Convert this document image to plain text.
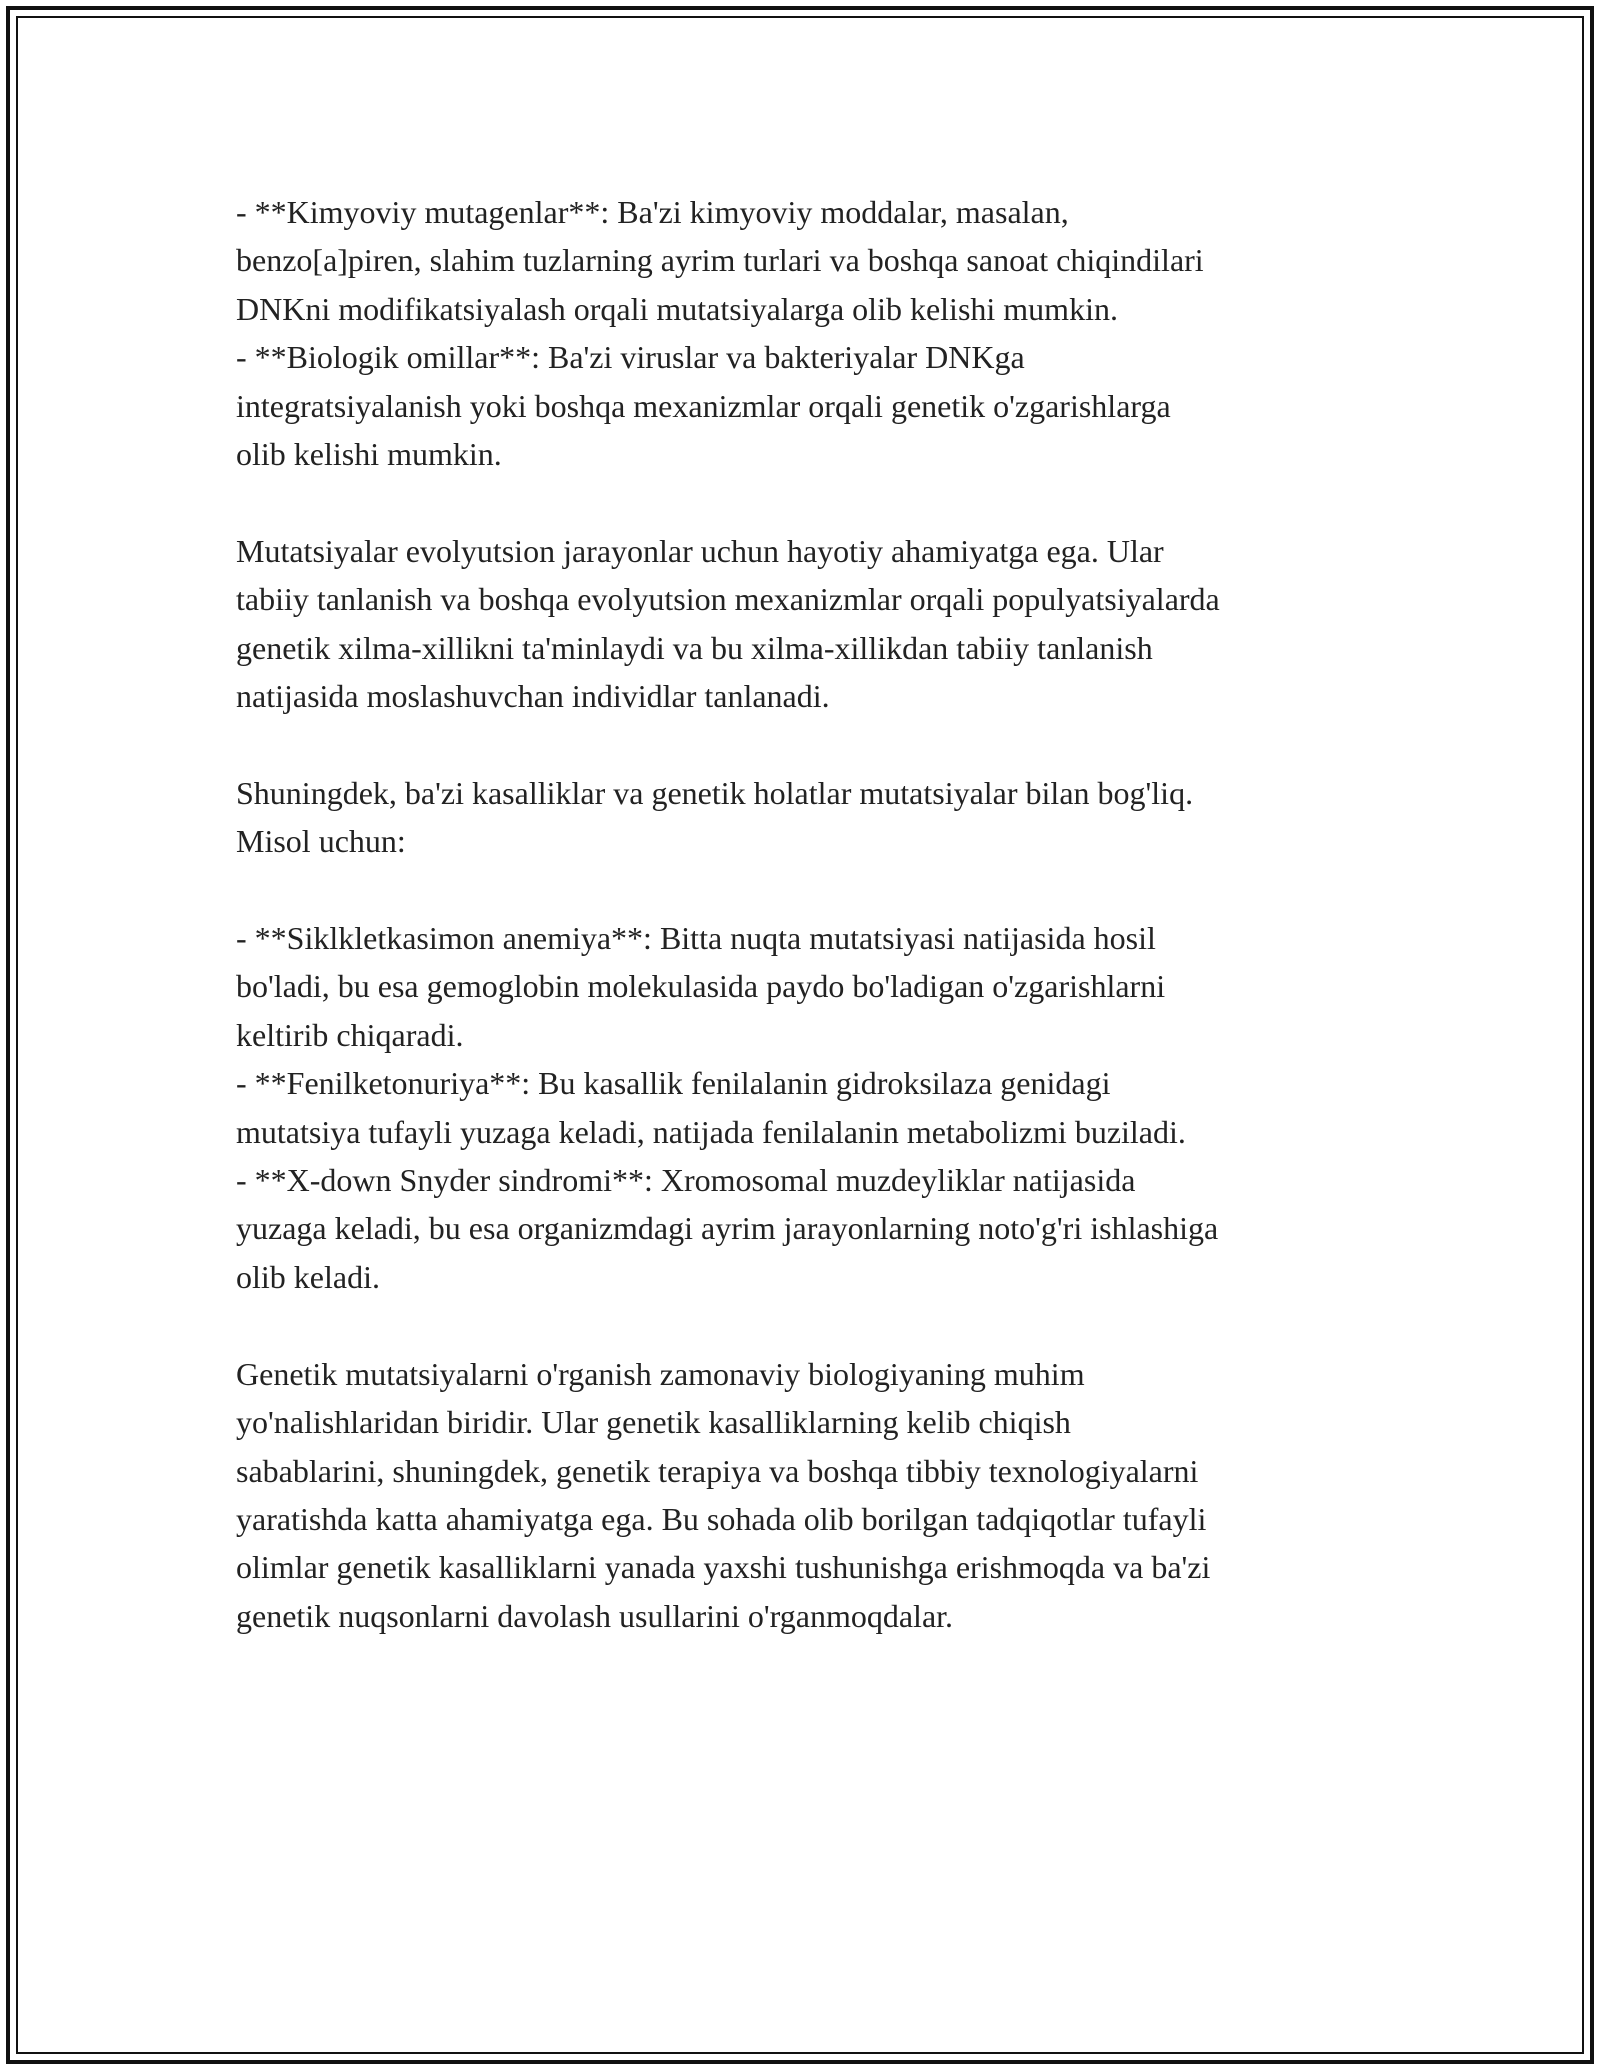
- **Kimyoviy mutagenlar**: Ba'zi kimyoviy moddalar, masalan,
benzo[a]piren, slahim tuzlarning ayrim turlari va boshqa sanoat chiqindilari
DNKni modifikatsiyalash orqali mutatsiyalarga olib kelishi mumkin.
- **Biologik omillar**: Ba'zi viruslar va bakteriyalar DNKga
integratsiyalanish yoki boshqa mexanizmlar orqali genetik o'zgarishlarga
olib kelishi mumkin.

Mutatsiyalar evolyutsion jarayonlar uchun hayotiy ahamiyatga ega. Ular
tabiiy tanlanish va boshqa evolyutsion mexanizmlar orqali populyatsiyalarda
genetik xilma-xillikni ta'minlaydi va bu xilma-xillikdan tabiiy tanlanish
natijasida moslashuvchan individlar tanlanadi.

Shuningdek, ba'zi kasalliklar va genetik holatlar mutatsiyalar bilan bog'liq.
Misol uchun:

- **Siklkletkasimon anemiya**: Bitta nuqta mutatsiyasi natijasida hosil
bo'ladi, bu esa gemoglobin molekulasida paydo bo'ladigan o'zgarishlarni
keltirib chiqaradi.
- **Fenilketonuriya**: Bu kasallik fenilalanin gidroksilaza genidagi
mutatsiya tufayli yuzaga keladi, natijada fenilalanin metabolizmi buziladi.
- **X-down Snyder sindromi**: Xromosomal muzdeyliklar natijasida
yuzaga keladi, bu esa organizmdagi ayrim jarayonlarning noto'g'ri ishlashiga
olib keladi.

Genetik mutatsiyalarni o'rganish zamonaviy biologiyaning muhim
yo'nalishlaridan biridir. Ular genetik kasalliklarning kelib chiqish
sabablarini, shuningdek, genetik terapiya va boshqa tibbiy texnologiyalarni
yaratishda katta ahamiyatga ega. Bu sohada olib borilgan tadqiqotlar tufayli
olimlar genetik kasalliklarni yanada yaxshi tushunishga erishmoqda va ba'zi
genetik nuqsonlarni davolash usullarini o'rganmoqdalar.
